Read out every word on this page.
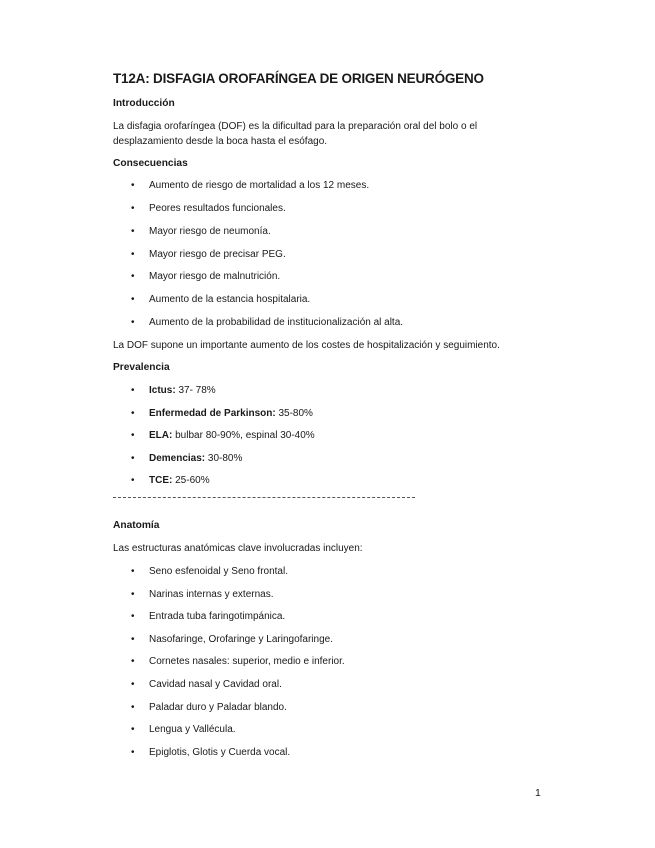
T12A: DISFAGIA OROFARÍNGEA DE ORIGEN NEURÓGENO
Introducción
La disfagia orofaríngea (DOF) es la dificultad para la preparación oral del bolo o el
desplazamiento desde la boca hasta el esófago.
Consecuencias
• Aumento de riesgo de mortalidad a los 12 meses.
• Peores resultados funcionales.
• Mayor riesgo de neumonía.
• Mayor riesgo de precisar PEG.
• Mayor riesgo de malnutrición.
• Aumento de la estancia hospitalaria.
• Aumento de la probabilidad de institucionalización al alta.
La DOF supone un importante aumento de los costes de hospitalización y seguimiento.
Prevalencia
• Ictus: 37- 78%
• Enfermedad de Parkinson: 35-80%
• ELA: bulbar 80-90%, espinal 30-40%
• Demencias: 30-80%
• TCE: 25-60%
Anatomía
Las estructuras anatómicas clave involucradas incluyen:
• Seno esfenoidal y Seno frontal.
• Narinas internas y externas.
• Entrada tuba faringotimpánica.
• Nasofaringe, Orofaringe y Laringofaringe.
• Cornetes nasales: superior, medio e inferior.
• Cavidad nasal y Cavidad oral.
• Paladar duro y Paladar blando.
• Lengua y Vallécula.
• Epiglotis, Glotis y Cuerda vocal.
1
